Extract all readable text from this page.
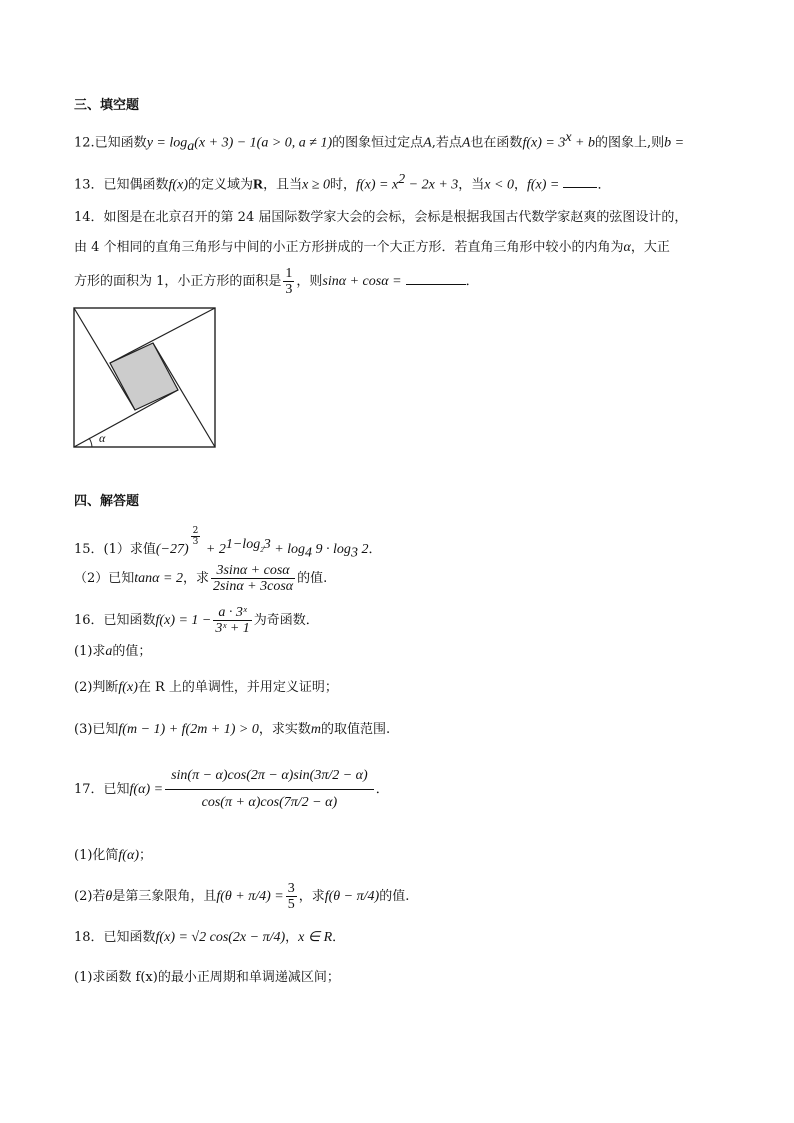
三、填空题
12.已知函数$y = \log_a(x + 3) - 1(a > 0$, a ≠ 1)的图象恒过定点A,若点A也在函数$f(x) = 3^x + b$的图象上,则b =
13．已知偶函数f(x)的定义域为R，且当x ≥ 0时，$f(x) = x^2 - 2x + 3$，当x < 0，f(x) =	．
14．如图是在北京召开的第 24 届国际数学家大会的会标，会标是根据我国古代数学家赵爽的弦图设计的，
由 4 个相同的直角三角形与中间的小正方形拼成的一个大正方形．若直角三角形中较小的内角为α，大正
方形的面积为 1，小正方形的面积是 $\frac{1}{3}$ ，则sinα + cosα =	．
α
四、解答题
15．(1）求值(−27)
$\frac{2}{3}$
+ $2^{1-log_23} + \log_4 9 \cdot \log_3 2$．
（2）已知tanα = 2，求 $\frac{3\sin\alpha + \cos\alpha}{2\sin\alpha + 3\cos\alpha}$ 的值.
16．已知函数$f(x) = 1 - \frac{\text{a · 3ˣ}}{\text{3ˣ + 1}}$ 为奇函数．
(1)求a的值；
(2)判断f(x)在 R 上的单调性，并用定义证明；
(3)已知f(m − 1) + f(2m + 1) > 0，求实数m的取值范围.
17．已知$f(\alpha) = \frac{\sin(\pi - \alpha)\cos(2\pi - \alpha)\sin(3\pi/2 - \alpha)}{\cos(\pi + \alpha)\cos(7\pi/2 - \alpha)}$ ．
(1)化简f(α)；
(2)若θ是第三象限角，且$f(\theta + \pi/4) = \frac{3}{5}$ ，求f(θ − π/4)的值.
18．已知函数f(x) = √2 cos(2x − π/4)，x ∈ R．
(1)求函数 f(x)的最小正周期和单调递减区间；
